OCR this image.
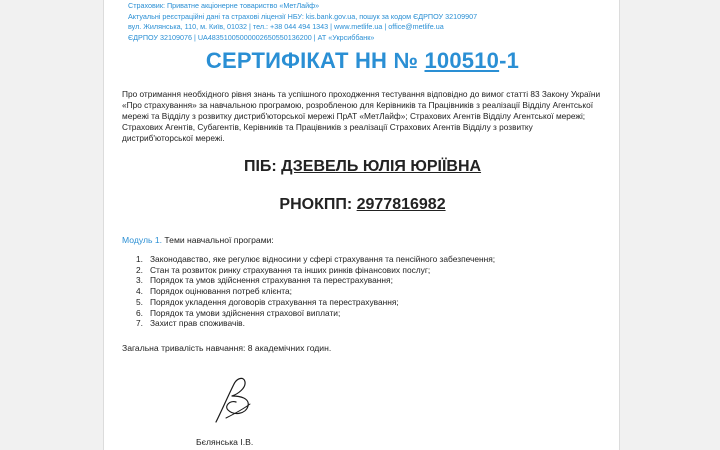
Страховик: Приватне акціонерне товариство «МетЛайф»
Актуальні реєстраційні дані та страхові ліцензії НБУ: kis.bank.gov.ua, пошук за кодом ЄДРПОУ 32109907
вул. Жилянська, 110, м. Київ, 01032 | тел.: +38 044 494 1343 | www.metlife.ua | office@metlife.ua
ЄДРПОУ 32109076 | UA48351005000002650550136200 | АТ «Укрсиббанк»
СЕРТИФІКАТ НН № 100510-1
Про отримання необхідного рівня знань та успішного проходження тестування відповідно до вимог статті 83 Закону України «Про страхування» за навчальною програмою, розробленою для Керівників та Працівників з реалізації Відділу Агентської мережі та Відділу з розвитку дистриб'юторської мережі ПрАТ «МетЛайф»; Страхових Агентів Відділу Агентської мережі; Страхових Агентів, Субагентів, Керівників та Працівників з реалізації Страхових Агентів Відділу з розвитку дистриб'юторської мережі.
ПІБ: ДЗЕВЕЛЬ ЮЛІЯ ЮРІЇВНА
РНОКПП: 2977816982
Модуль 1. Теми навчальної програми:
1. Законодавство, яке регулює відносини у сфері страхування та пенсійного забезпечення;
2. Стан та розвиток ринку страхування та інших ринків фінансових послуг;
3. Порядок та умов здійснення страхування та перестрахування;
4. Порядок оцінювання потреб клієнта;
5. Порядок укладення договорів страхування та перестрахування;
6. Порядок та умови здійснення страхової виплати;
7. Захист прав споживачів.
Загальна тривалість навчання: 8 академічних годин.
Бєлянська І.В.
